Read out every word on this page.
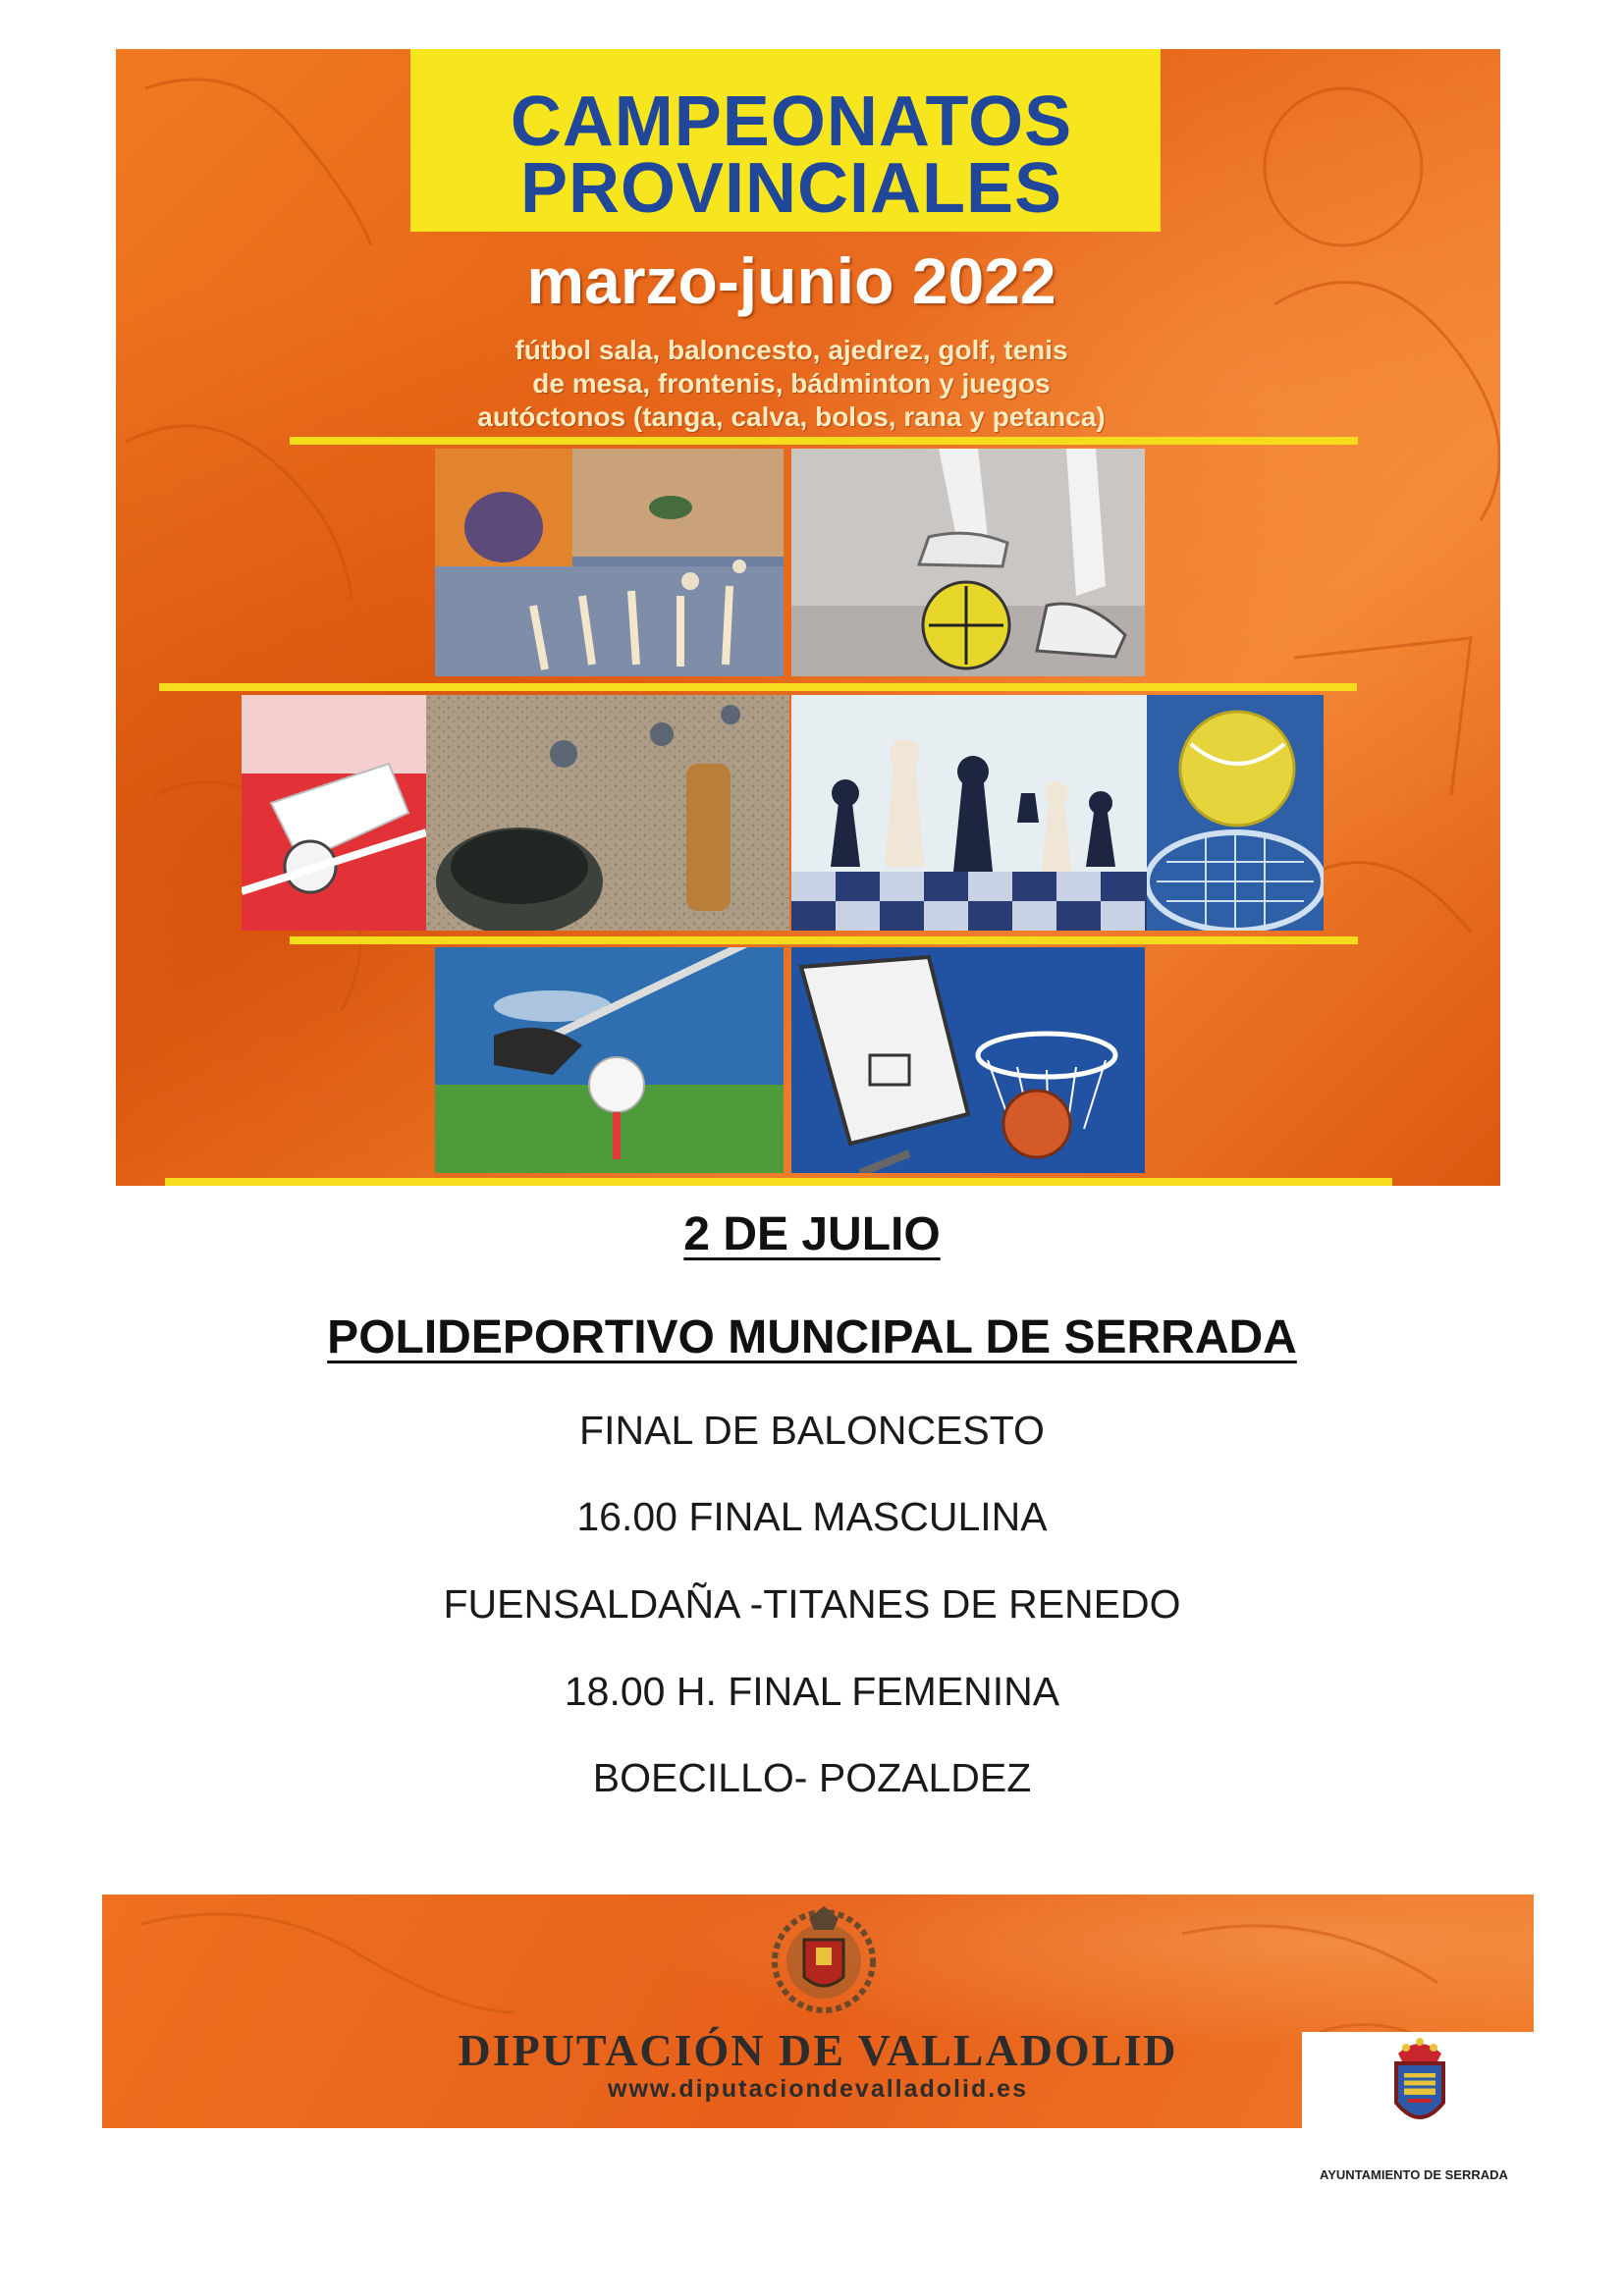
CAMPEONATOS
PROVINCIALES
marzo-junio 2022
fútbol sala, baloncesto, ajedrez, golf, tenis
de mesa, frontenis, bádminton y juegos
autóctonos (tanga, calva, bolos, rana y petanca)
2 DE JULIO
POLIDEPORTIVO MUNCIPAL DE SERRADA
FINAL DE BALONCESTO
16.00 FINAL MASCULINA
FUENSALDAÑA -TITANES DE RENEDO
18.00 H. FINAL FEMENINA
BOECILLO- POZALDEZ
DIPUTACIÓN DE VALLADOLID
www.diputaciondevalladolid.es
AYUNTAMIENTO DE SERRADA
